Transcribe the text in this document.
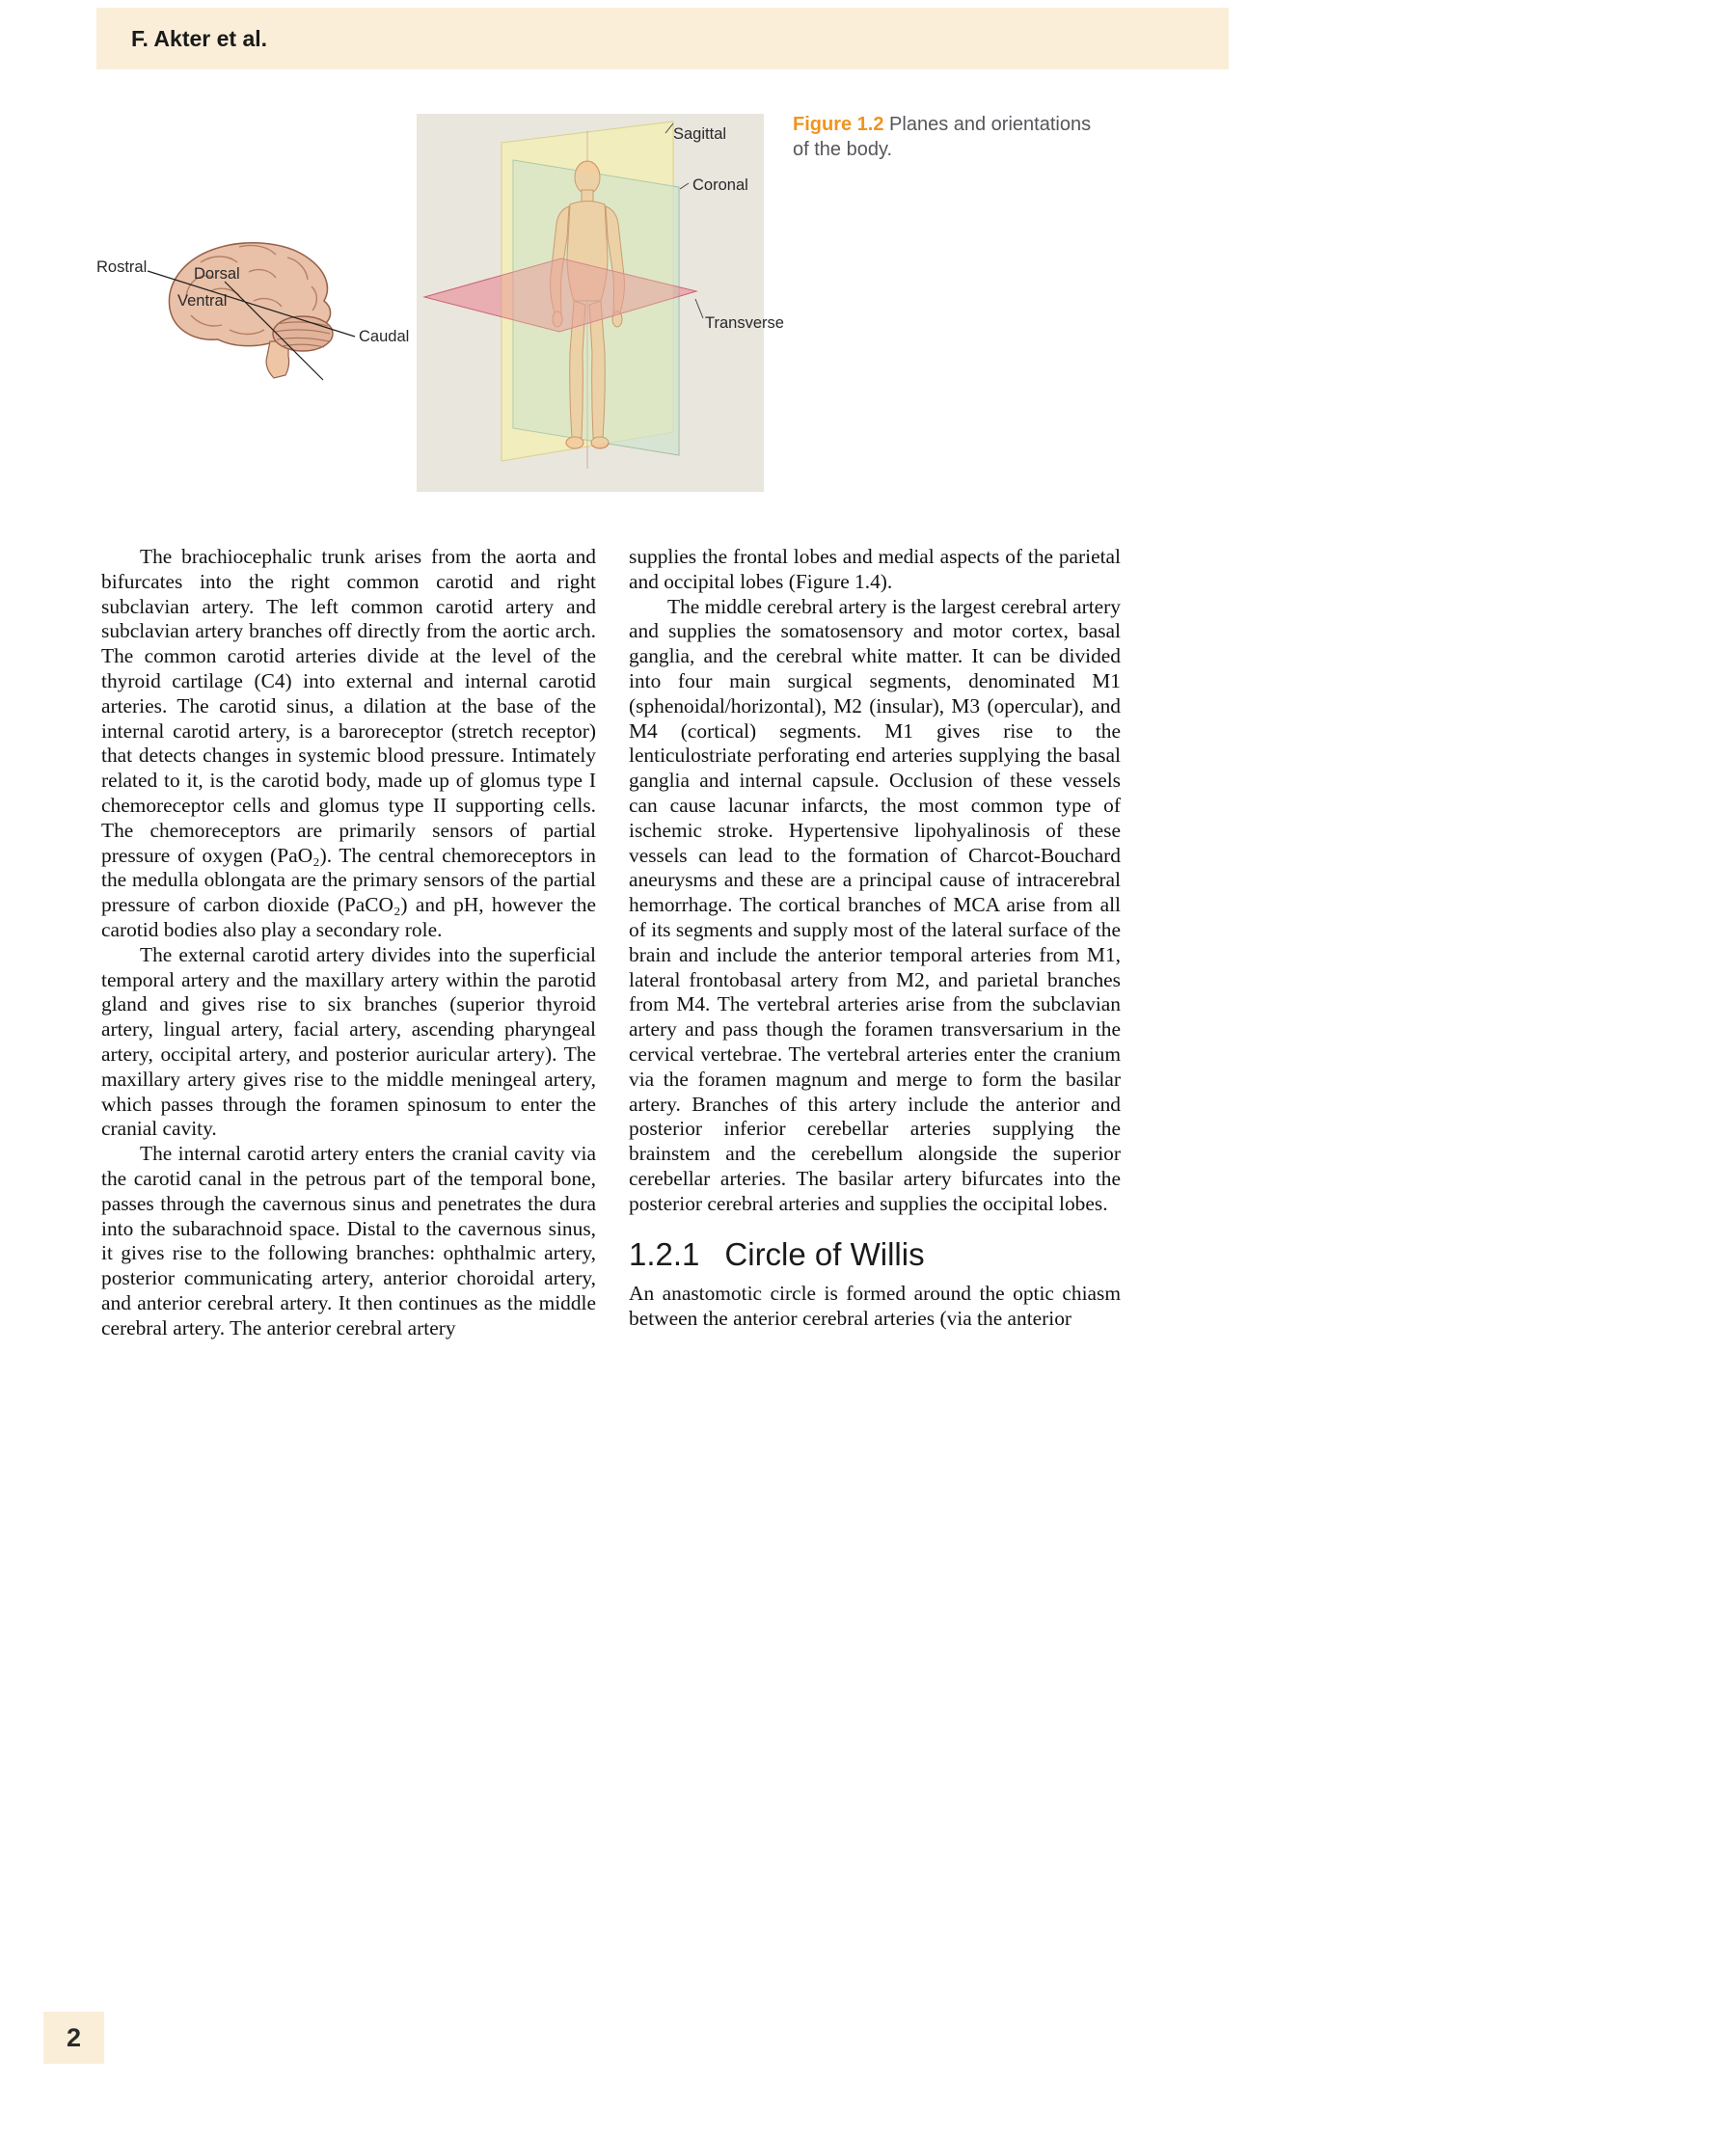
F. Akter et al.
Sagittal
Coronal
Transverse
Rostral	Dorsal
Ventral
Caudal
Figure 1.2 Planes and orientations of the body.

The brachiocephalic trunk arises from the aorta and bifurcates into the right common carotid and right subclavian artery. The left common carotid artery and subclavian artery branches off directly from the aortic arch. The common carotid arteries divide at the level of the thyroid cartilage (C4) into external and internal carotid arteries. The carotid sinus, a dilation at the base of the internal carotid artery, is a baroreceptor (stretch receptor) that detects changes in systemic blood pressure. Intimately related to it, is the carotid body, made up of glomus type I chemoreceptor cells and glomus type II supporting cells. The chemoreceptors are primarily sensors of partial pressure of oxygen (PaO₂). The central chemoreceptors in the medulla oblongata are the primary sensors of the partial pressure of carbon dioxide (PaCO₂) and pH, however the carotid bodies also play a secondary role.

The external carotid artery divides into the superficial temporal artery and the maxillary artery within the parotid gland and gives rise to six branches (superior thyroid artery, lingual artery, facial artery, ascending pharyngeal artery, occipital artery, and posterior auricular artery). The maxillary artery gives rise to the middle meningeal artery, which passes through the foramen spinosum to enter the cranial cavity.

The internal carotid artery enters the cranial cavity via the carotid canal in the petrous part of the temporal bone, passes through the cavernous sinus and penetrates the dura into the subarachnoid space. Distal to the cavernous sinus, it gives rise to the following branches: ophthalmic artery, posterior communicating artery, anterior choroidal artery, and anterior cerebral artery. It then continues as the middle cerebral artery. The anterior cerebral artery

supplies the frontal lobes and medial aspects of the parietal and occipital lobes (Figure 1.4).

The middle cerebral artery is the largest cerebral artery and supplies the somatosensory and motor cortex, basal ganglia, and the cerebral white matter. It can be divided into four main surgical segments, denominated M1 (sphenoidal/horizontal), M2 (insular), M3 (opercular), and M4 (cortical) segments. M1 gives rise to the lenticulostriate perforating end arteries supplying the basal ganglia and internal capsule. Occlusion of these vessels can cause lacunar infarcts, the most common type of ischemic stroke. Hypertensive lipohyalinosis of these vessels can lead to the formation of Charcot-Bouchard aneurysms and these are a principal cause of intracerebral hemorrhage. The cortical branches of MCA arise from all of its segments and supply most of the lateral surface of the brain and include the anterior temporal arteries from M1, lateral frontobasal artery from M2, and parietal branches from M4. The vertebral arteries arise from the subclavian artery and pass though the foramen transversarium in the cervical vertebrae. The vertebral arteries enter the cranium via the foramen magnum and merge to form the basilar artery. Branches of this artery include the anterior and posterior inferior cerebellar arteries supplying the brainstem and the cerebellum alongside the superior cerebellar arteries. The basilar artery bifurcates into the posterior cerebral arteries and supplies the occipital lobes.

1.2.1 Circle of Willis

An anastomotic circle is formed around the optic chiasm between the anterior cerebral arteries (via the anterior

2
